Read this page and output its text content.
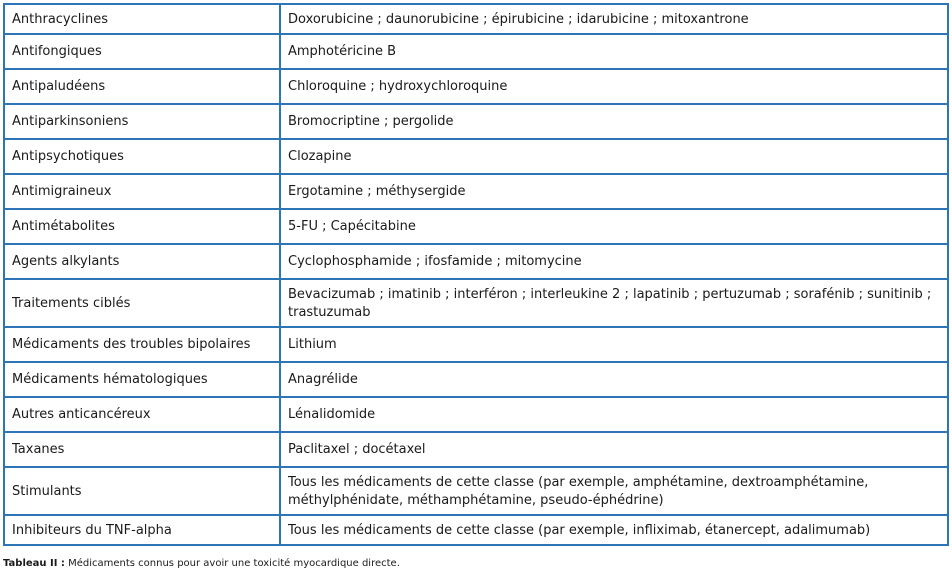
Anthracyclines	Doxorubicine ; daunorubicine ; épirubicine ; idarubicine ; mitoxantrone
Antifongiques	Amphotéricine B
Antipaludéens	Chloroquine ; hydroxychloroquine
Antiparkinsoniens	Bromocriptine ; pergolide
Antipsychotiques	Clozapine
Antimigraineux	Ergotamine ; méthysergide
Antimétabolites	5-FU ; Capécitabine
Agents alkylants	Cyclophosphamide ; ifosfamide ; mitomycine
Traitements ciblés	Bevacizumab ; imatinib ; interféron ; interleukine 2 ; lapatinib ; pertuzumab ; sorafénib ; sunitinib ; trastuzumab
Médicaments des troubles bipolaires	Lithium
Médicaments hématologiques	Anagrélide
Autres anticancéreux	Lénalidomide
Taxanes	Paclitaxel ; docétaxel
Stimulants	Tous les médicaments de cette classe (par exemple, amphétamine, dextroamphétamine, méthylphénidate, méthamphétamine, pseudo-éphédrine)
Inhibiteurs du TNF-alpha	Tous les médicaments de cette classe (par exemple, infliximab, étanercept, adalimumab)
Tableau II : Médicaments connus pour avoir une toxicité myocardique directe.
